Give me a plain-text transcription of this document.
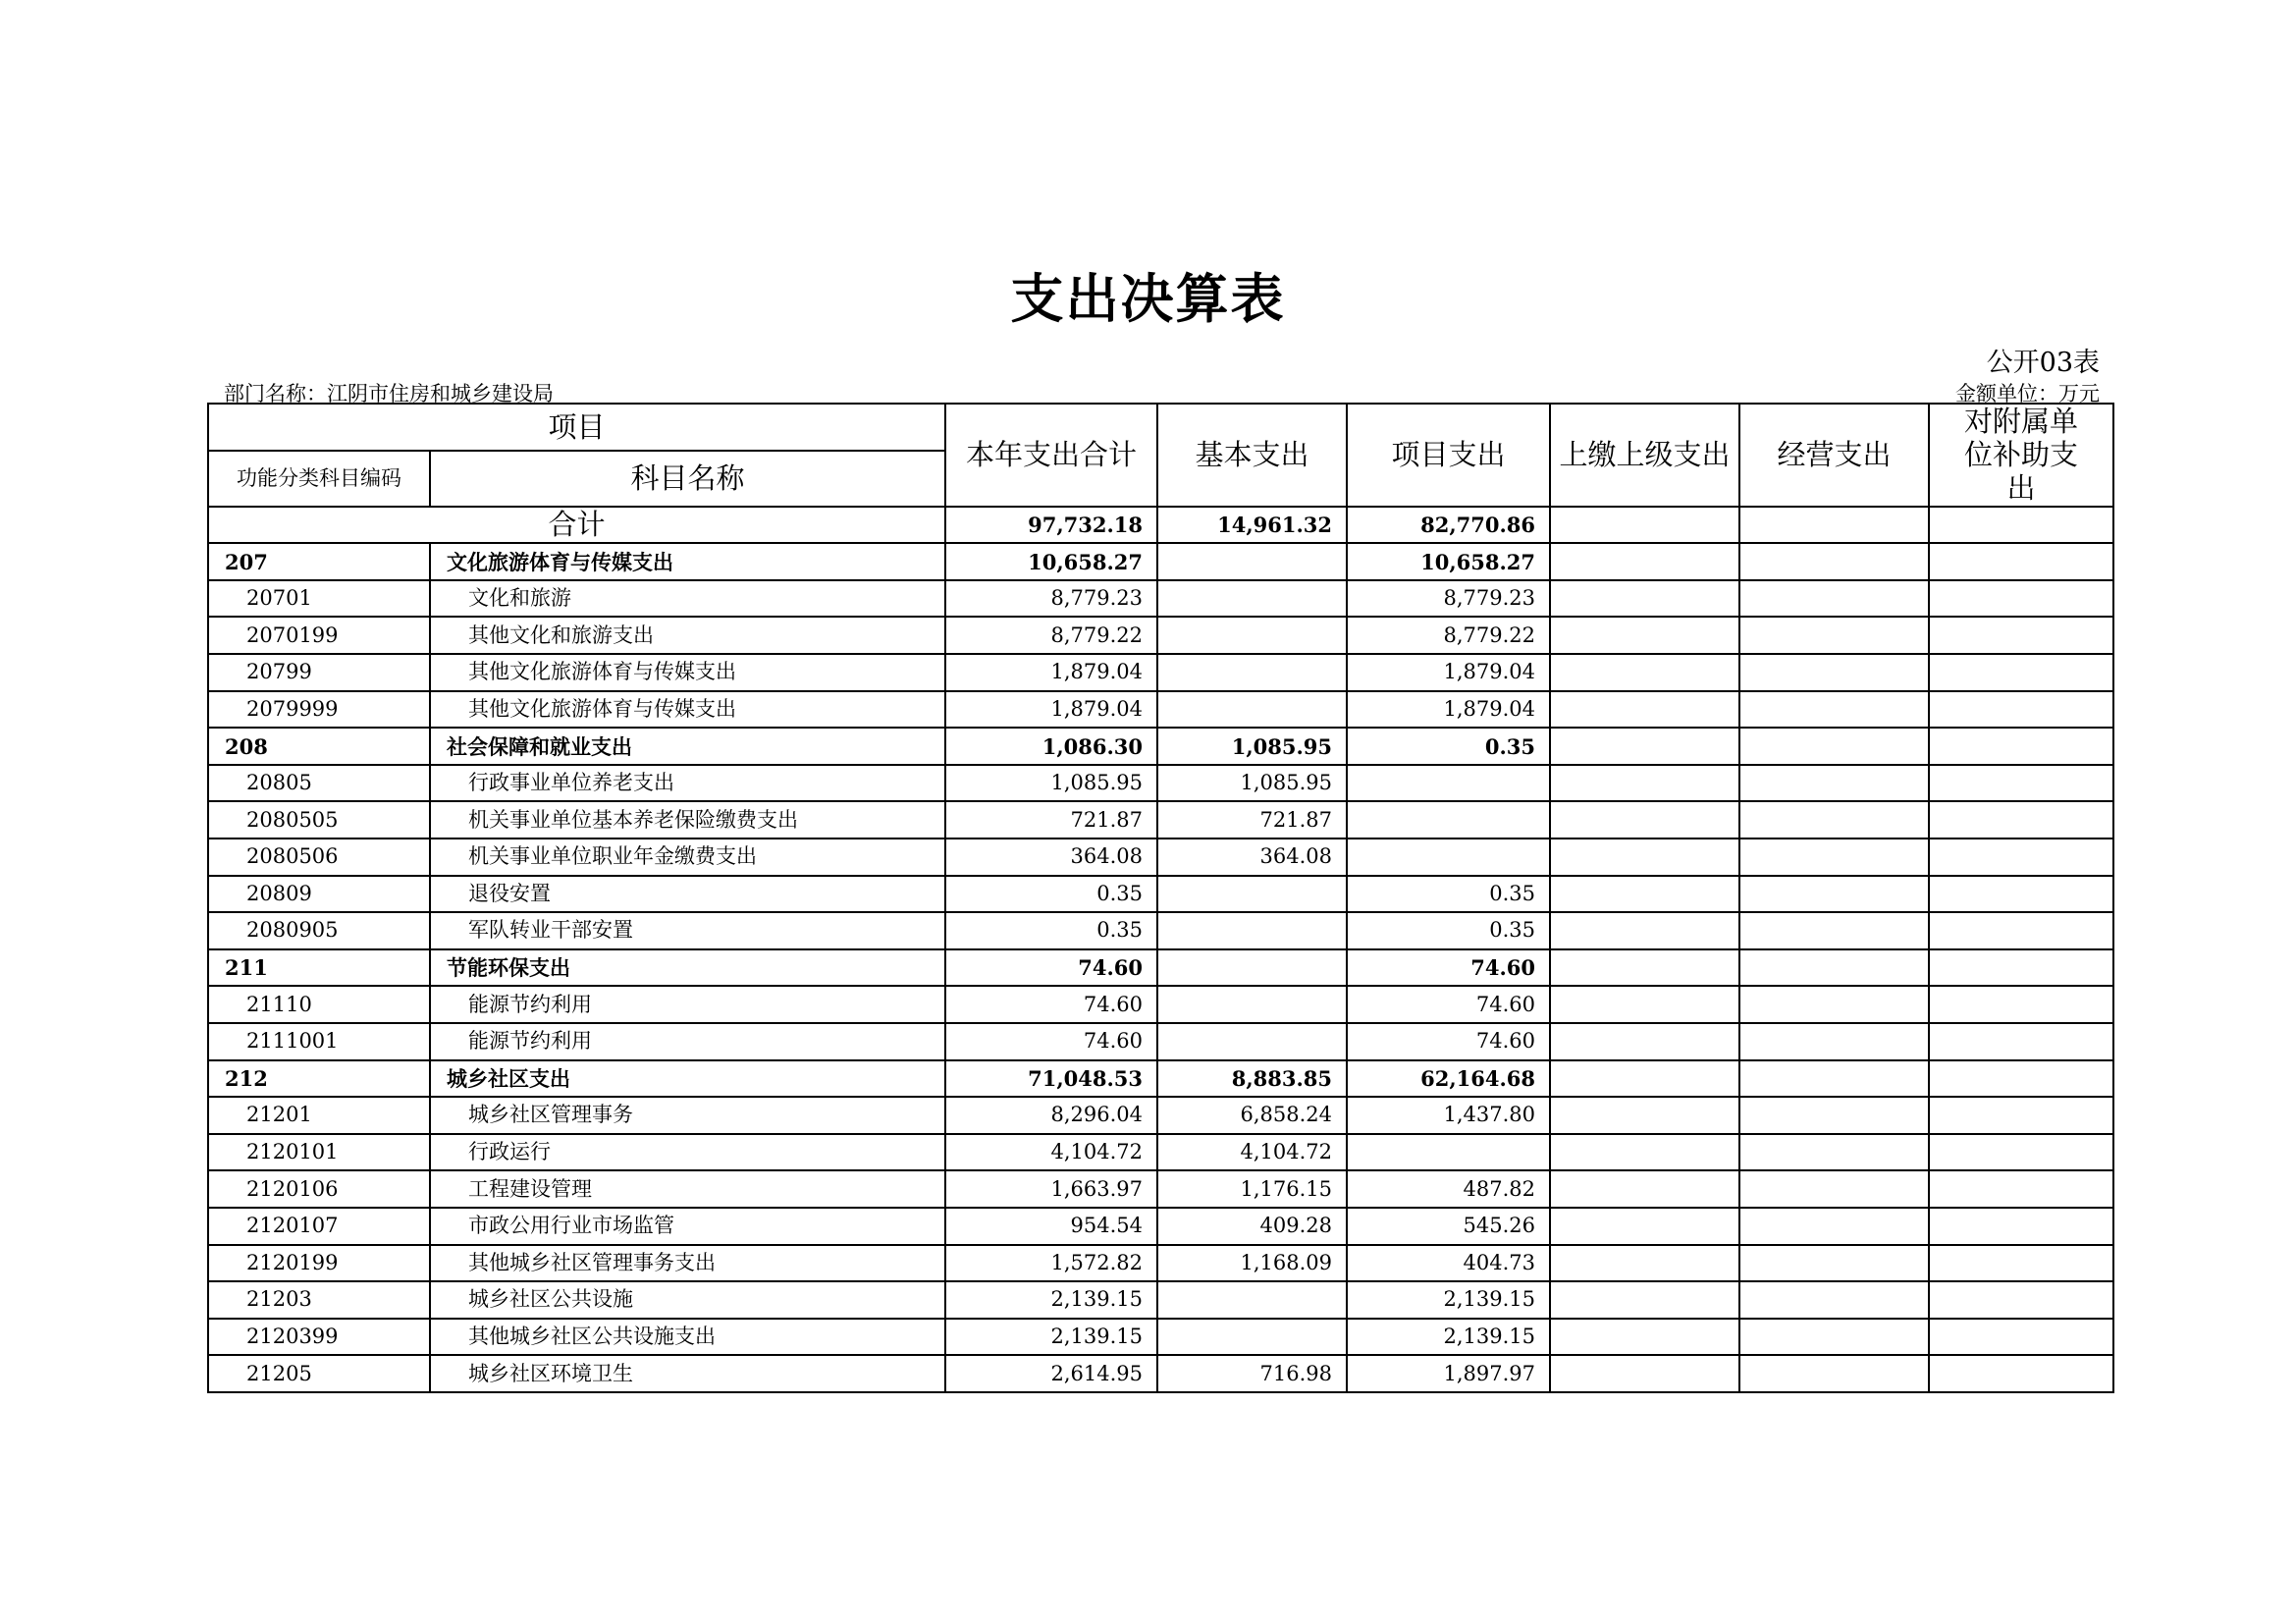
支出决算表
公开03表
部门名称：江阴市住房和城乡建设局	金额单位：万元
项目		本年支出合计	基本支出	项目支出	上缴上级支出	经营支出	对附属单位补助支出
功能分类科目编码	科目名称						
合计		97,732.18	14,961.32	82,770.86			
207	文化旅游体育与传媒支出	10,658.27		10,658.27			
20701	文化和旅游	8,779.23		8,779.23			
2070199	其他文化和旅游支出	8,779.22		8,779.22			
20799	其他文化旅游体育与传媒支出	1,879.04		1,879.04			
2079999	其他文化旅游体育与传媒支出	1,879.04		1,879.04			
208	社会保障和就业支出	1,086.30	1,085.95	0.35			
20805	行政事业单位养老支出	1,085.95	1,085.95				
2080505	机关事业单位基本养老保险缴费支出	721.87	721.87				
2080506	机关事业单位职业年金缴费支出	364.08	364.08				
20809	退役安置	0.35		0.35			
2080905	军队转业干部安置	0.35		0.35			
211	节能环保支出	74.60		74.60			
21110	能源节约利用	74.60		74.60			
2111001	能源节约利用	74.60		74.60			
212	城乡社区支出	71,048.53	8,883.85	62,164.68			
21201	城乡社区管理事务	8,296.04	6,858.24	1,437.80			
2120101	行政运行	4,104.72	4,104.72				
2120106	工程建设管理	1,663.97	1,176.15	487.82			
2120107	市政公用行业市场监管	954.54	409.28	545.26			
2120199	其他城乡社区管理事务支出	1,572.82	1,168.09	404.73			
21203	城乡社区公共设施	2,139.15		2,139.15			
2120399	其他城乡社区公共设施支出	2,139.15		2,139.15			
21205	城乡社区环境卫生	2,614.95	716.98	1,897.97			
